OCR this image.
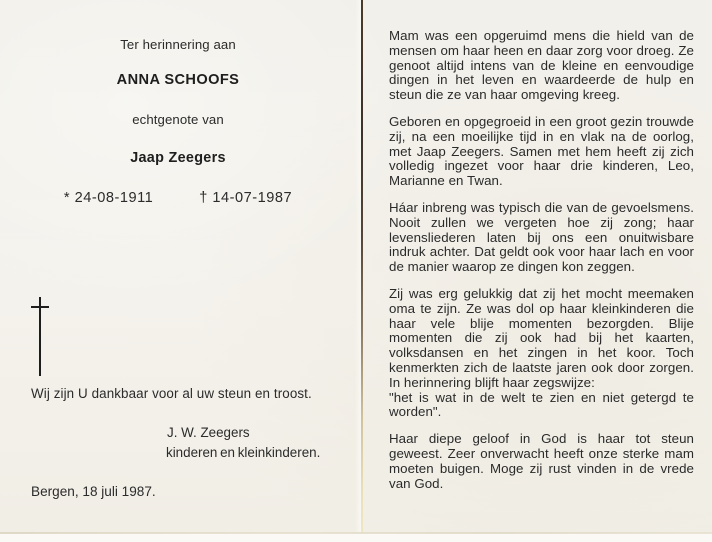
Ter herinnering aan
ANNA SCHOOFS
echtgenote van
Jaap Zeegers
* 24-08-1911	† 14-07-1987
Wij zijn U dankbaar voor al uw steun en troost.
J. W. Zeegers
kinderen en kleinkinderen.
Bergen, 18 juli 1987.

Mam was een opgeruimd mens die hield van de mensen om haar heen en daar zorg voor droeg. Ze genoot altijd intens van de kleine en eenvoudige dingen in het leven en waardeerde de hulp en steun die ze van haar omgeving kreeg.

Geboren en opgegroeid in een groot gezin trouwde zij, na een moeilijke tijd in en vlak na de oorlog, met Jaap Zeegers. Samen met hem heeft zij zich volledig ingezet voor haar drie kinderen, Leo, Marianne en Twan.

Háar inbreng was typisch die van de gevoelsmens. Nooit zullen we vergeten hoe zij zong; haar levensliederen laten bij ons een onuitwisbare indruk achter. Dat geldt ook voor haar lach en voor de manier waarop ze dingen kon zeggen.

Zij was erg gelukkig dat zij het mocht meemaken oma te zijn. Ze was dol op haar kleinkinderen die haar vele blije momenten bezorgden. Blije momenten die zij ook had bij het kaarten, volksdansen en het zingen in het koor. Toch kenmerkten zich de laatste jaren ook door zorgen. In herinnering blijft haar zegswijze:

"het is wat in de welt te zien en niet getergd te worden".

Haar diepe geloof in God is haar tot steun geweest. Zeer onverwacht heeft onze sterke mam moeten buigen. Moge zij rust vinden in de vrede van God.
